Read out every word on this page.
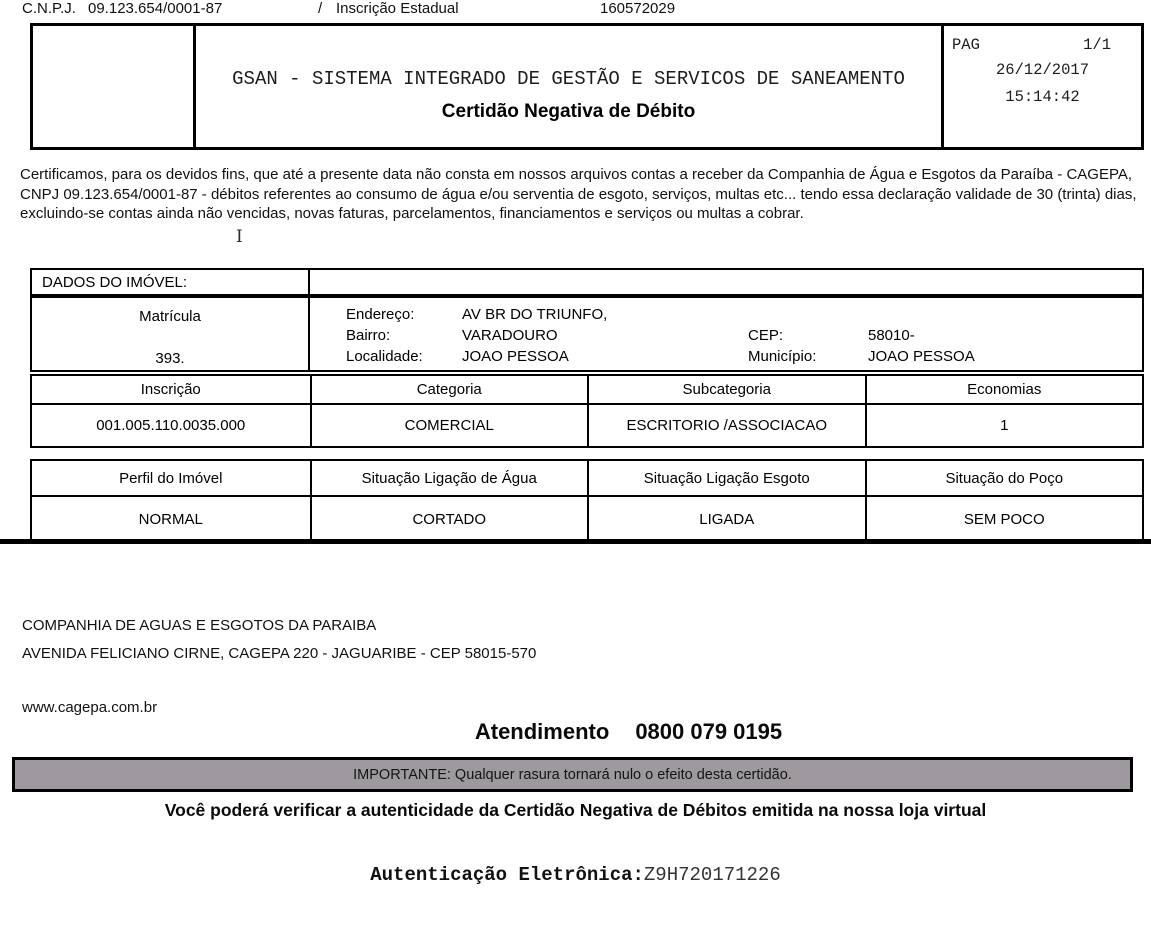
GSAN - SISTEMA INTEGRADO DE GESTÃO E SERVICOS DE SANEAMENTO
Certidão Negativa de Débito
PAG	1/1
26/12/2017
15:14:42
Certificamos, para os devidos fins, que até a presente data não consta em nossos arquivos contas a receber da Companhia de Água e Esgotos da Paraíba - CAGEPA, CNPJ 09.123.654/0001-87 - débitos referentes ao consumo de água e/ou serventia de esgoto, serviços, multas etc... tendo essa declaração validade de 30 (trinta) dias, excluindo-se contas ainda não vencidas, novas faturas, parcelamentos, financiamentos e serviços ou multas a cobrar.
I
DADOS DO IMÓVEL:
Matrícula
393.
Endereço:	AV BR DO TRIUNFO,
Bairro:	VARADOURO	CEP:	58010-
Localidade:	JOAO PESSOA	Município:	JOAO PESSOA
Inscrição	Categoria	Subcategoria	Economias
001.005.110.0035.000	COMERCIAL	ESCRITORIO /ASSOCIACAO	1
Perfil do Imóvel	Situação Ligação de Água	Situação Ligação Esgoto	Situação do Poço
NORMAL	CORTADO	LIGADA	SEM POCO
COMPANHIA DE AGUAS E ESGOTOS DA PARAIBA
AVENIDA FELICIANO CIRNE, CAGEPA 220 - JAGUARIBE - CEP 58015-570
C.N.P.J. 09.123.654/0001-87	/ Inscrição Estadual	160572029
www.cagepa.com.br
Atendimento 0800 079 0195
IMPORTANTE: Qualquer rasura tornará nulo o efeito desta certidão.
Você poderá verificar a autenticidade da Certidão Negativa de Débitos emitida na nossa loja virtual
Autenticação Eletrônica:Z9H720171226
